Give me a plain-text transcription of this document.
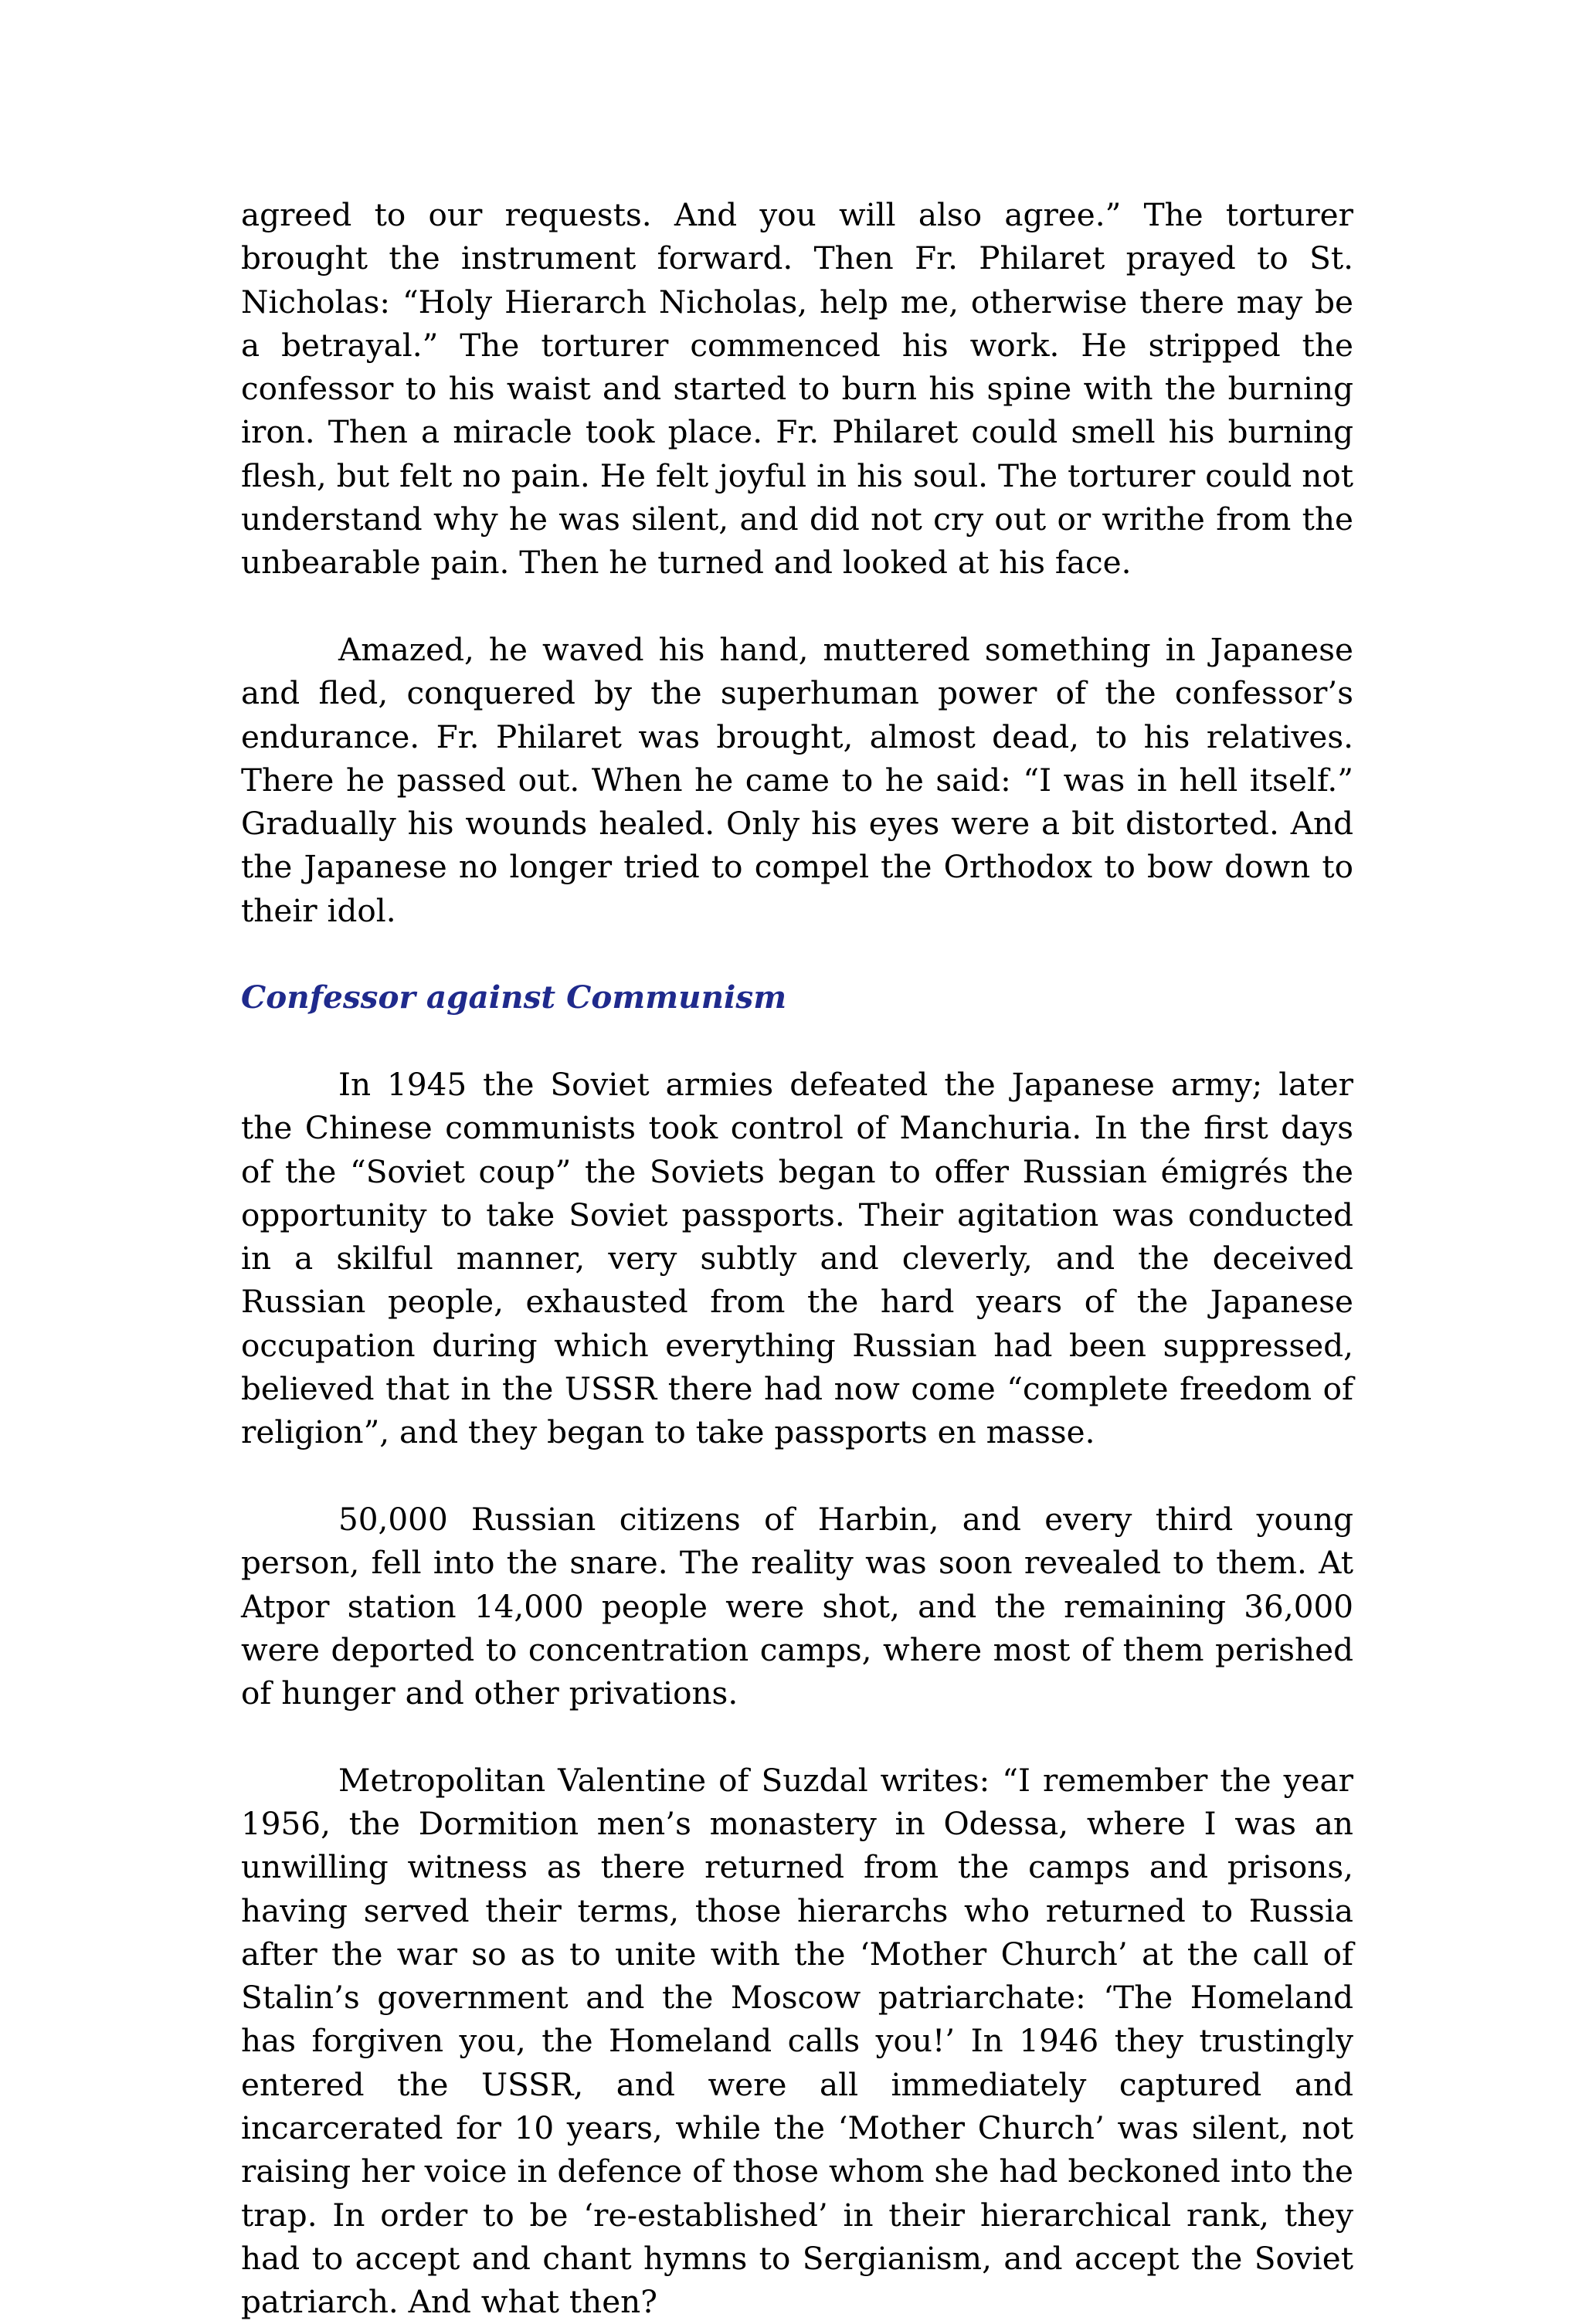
agreed to our requests. And you will also agree.” The torturer brought the instrument forward. Then Fr. Philaret prayed to St. Nicholas: “Holy Hierarch Nicholas, help me, otherwise there may be a betrayal.” The torturer commenced his work. He stripped the confessor to his waist and started to burn his spine with the burning iron. Then a miracle took place. Fr. Philaret could smell his burning flesh, but felt no pain. He felt joyful in his soul. The torturer could not understand why he was silent, and did not cry out or writhe from the unbearable pain. Then he turned and looked at his face.

Amazed, he waved his hand, muttered something in Japanese and fled, conquered by the superhuman power of the confessor’s endurance. Fr. Philaret was brought, almost dead, to his relatives. There he passed out. When he came to he said: “I was in hell itself.” Gradually his wounds healed. Only his eyes were a bit distorted. And the Japanese no longer tried to compel the Orthodox to bow down to their idol.

Confessor against Communism

In 1945 the Soviet armies defeated the Japanese army; later the Chinese communists took control of Manchuria. In the first days of the “Soviet coup” the Soviets began to offer Russian émigrés the opportunity to take Soviet passports. Their agitation was conducted in a skilful manner, very subtly and cleverly, and the deceived Russian people, exhausted from the hard years of the Japanese occupation during which everything Russian had been suppressed, believed that in the USSR there had now come “complete freedom of religion”, and they began to take passports en masse.

50,000 Russian citizens of Harbin, and every third young person, fell into the snare. The reality was soon revealed to them. At Atpor station 14,000 people were shot, and the remaining 36,000 were deported to concentration camps, where most of them perished of hunger and other privations.

Metropolitan Valentine of Suzdal writes: “I remember the year 1956, the Dormition men’s monastery in Odessa, where I was an unwilling witness as there returned from the camps and prisons, having served their terms, those hierarchs who returned to Russia after the war so as to unite with the ‘Mother Church’ at the call of Stalin’s government and the Moscow patriarchate: ‘The Homeland has forgiven you, the Homeland calls you!’ In 1946 they trustingly entered the USSR, and were all immediately captured and incarcerated for 10 years, while the ‘Mother Church’ was silent, not raising her voice in defence of those whom she had beckoned into the trap. In order to be ‘re-established’ in their hierarchical rank, they had to accept and chant hymns to Sergianism, and accept the Soviet patriarch. And what then?
